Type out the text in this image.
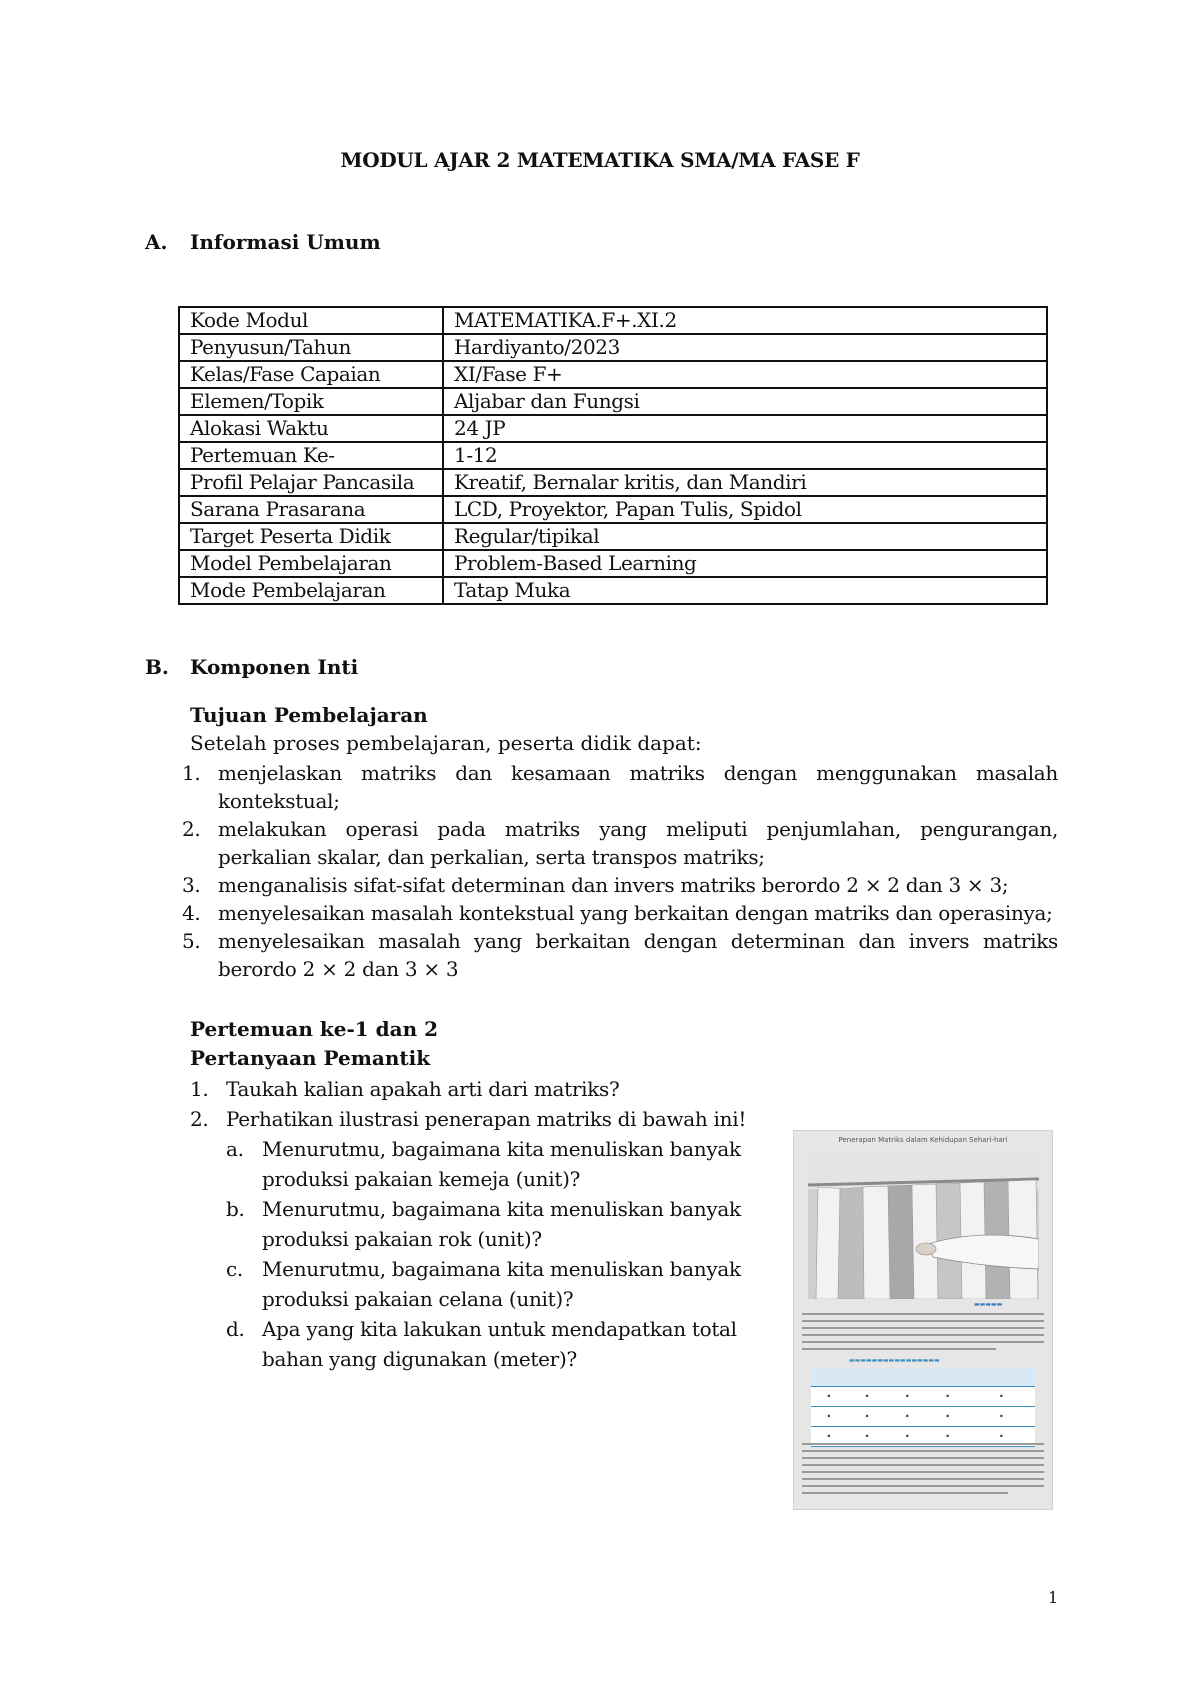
MODUL AJAR 2 MATEMATIKA SMA/MA FASE F
A. Informasi Umum
Kode Modul	MATEMATIKA.F+.XI.2
Penyusun/Tahun	Hardiyanto/2023
Kelas/Fase Capaian	XI/Fase F+
Elemen/Topik	Aljabar dan Fungsi
Alokasi Waktu	24 JP
Pertemuan Ke-	1-12
Profil Pelajar Pancasila	Kreatif, Bernalar kritis, dan Mandiri
Sarana Prasarana	LCD, Proyektor, Papan Tulis, Spidol
Target Peserta Didik	Regular/tipikal
Model Pembelajaran	Problem-Based Learning
Mode Pembelajaran	Tatap Muka
B. Komponen Inti
Tujuan Pembelajaran
Setelah proses pembelajaran, peserta didik dapat:
1. menjelaskan matriks dan kesamaan matriks dengan menggunakan masalah kontekstual;
2. melakukan operasi pada matriks yang meliputi penjumlahan, pengurangan, perkalian skalar, dan perkalian, serta transpos matriks;
3. menganalisis sifat-sifat determinan dan invers matriks berordo 2 × 2 dan 3 × 3;
4. menyelesaikan masalah kontekstual yang berkaitan dengan matriks dan operasinya;
5. menyelesaikan masalah yang berkaitan dengan determinan dan invers matriks berordo 2 × 2 dan 3 × 3
Pertemuan ke-1 dan 2
Pertanyaan Pemantik
1. Taukah kalian apakah arti dari matriks?
2. Perhatikan ilustrasi penerapan matriks di bawah ini!
a. Menurutmu, bagaimana kita menuliskan banyak produksi pakaian kemeja (unit)?
b. Menurutmu, bagaimana kita menuliskan banyak produksi pakaian rok (unit)?
c. Menurutmu, bagaimana kita menuliskan banyak produksi pakaian celana (unit)?
d. Apa yang kita lakukan untuk mendapatkan total bahan yang digunakan (meter)?
Penerapan Matriks dalam Kehidupan Sehari-hari
▬▬▬▬▬
▬▬▬▬▬▬▬▬▬▬▬▬▬▬▬▬

▪	▪	▪	▪	▪
▪	▪	▪	▪	▪
▪	▪	▪	▪	▪
1
